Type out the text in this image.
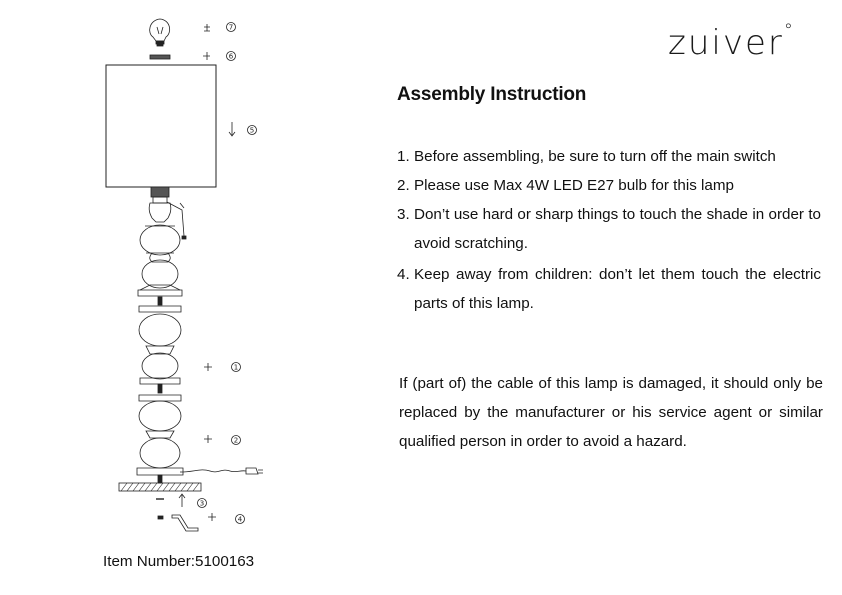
zuiver°
Assembly Instruction
1. Before assembling, be sure to turn off the main switch
2. Please use Max 4W LED E27 bulb for this lamp
3. Don’t use hard or sharp things to touch the shade in order to avoid scratching.
4. Keep away from children: don’t let them touch the electric parts of this lamp.
If (part of) the cable of this lamp is damaged, it should only be replaced by the manufacturer or his service agent or similar qualified person in order to avoid a hazard.
Item Number:5100163
7
6
5
1
2
3
4
